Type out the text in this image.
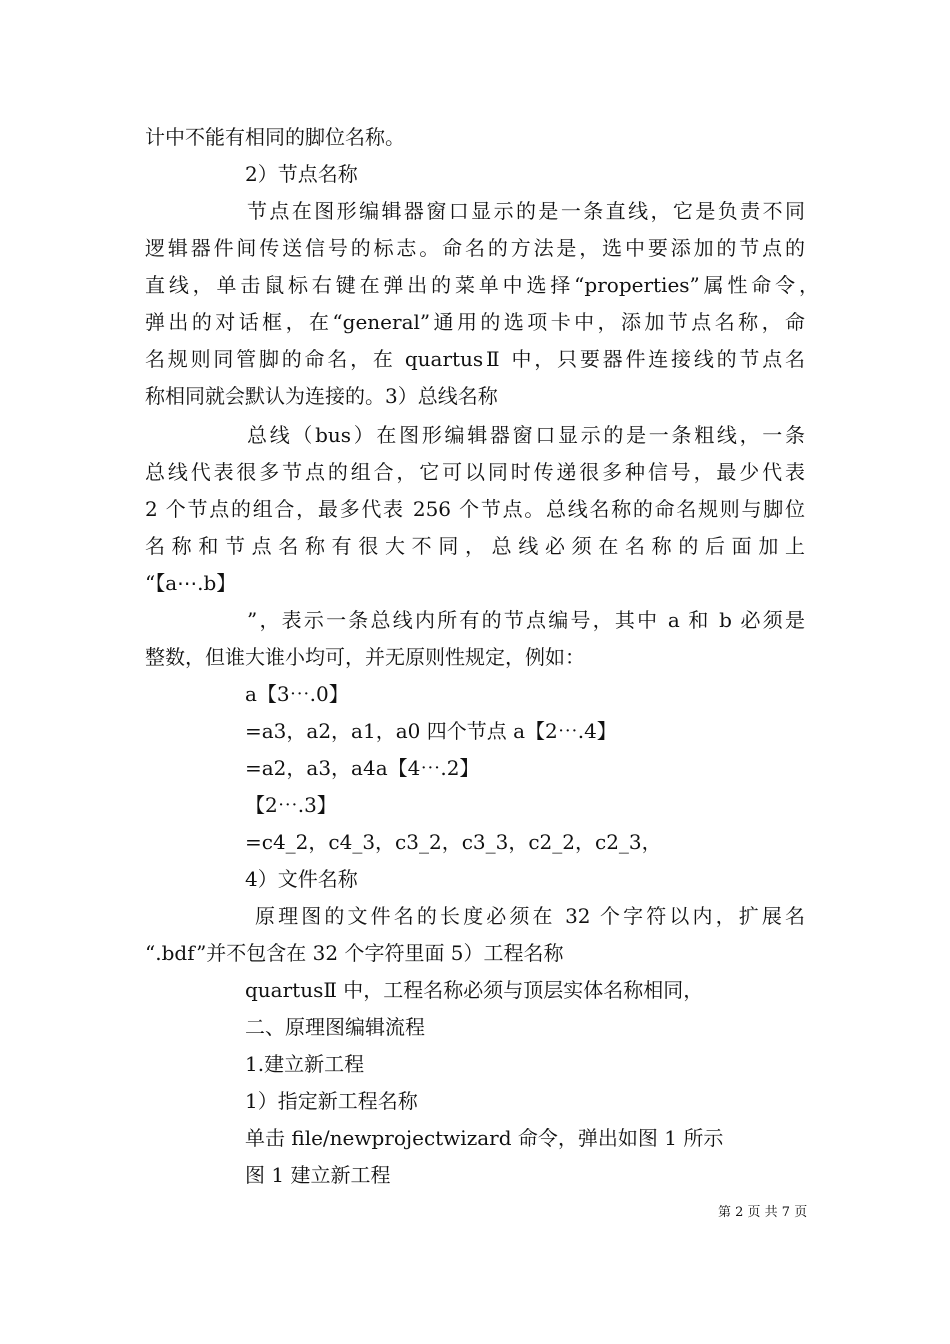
计中不能有相同的脚位名称。
2）节点名称
节点在图形编辑器窗口显示的是一条直线，它是负责不同
逻辑器件间传送信号的标志。命名的方法是，选中要添加的节点的
直线，单击鼠标右键在弹出的菜单中选择“properties”属性命令，
弹出的对话框，在“general”通用的选项卡中，添加节点名称，命
名规则同管脚的命名，在 quartusⅡ 中，只要器件连接线的节点名
称相同就会默认为连接的。3）总线名称
总线（bus）在图形编辑器窗口显示的是一条粗线，一条
总线代表很多节点的组合，它可以同时传递很多种信号，最少代表
2 个节点的组合，最多代表 256 个节点。总线名称的命名规则与脚位
名称和节点名称有很大不同，总线必须在名称的后面加上
“【a⋯.b】
”，表示一条总线内所有的节点编号，其中 a 和 b 必须是
整数，但谁大谁小均可，并无原则性规定，例如：
a【3⋯.0】
=a3，a2，a1，a0 四个节点 a【2⋯.4】
=a2，a3，a4a【4⋯.2】
【2⋯.3】
=c4_2，c4_3，c3_2，c3_3，c2_2，c2_3，
4）文件名称
原理图的文件名的长度必须在 32 个字符以内，扩展名
“.bdf”并不包含在 32 个字符里面 5）工程名称
quartusⅡ 中，工程名称必须与顶层实体名称相同，
二、原理图编辑流程
1.建立新工程
1）指定新工程名称
单击 file/newprojectwizard 命令，弹出如图 1 所示
图 1 建立新工程
第 2 页 共 7 页
